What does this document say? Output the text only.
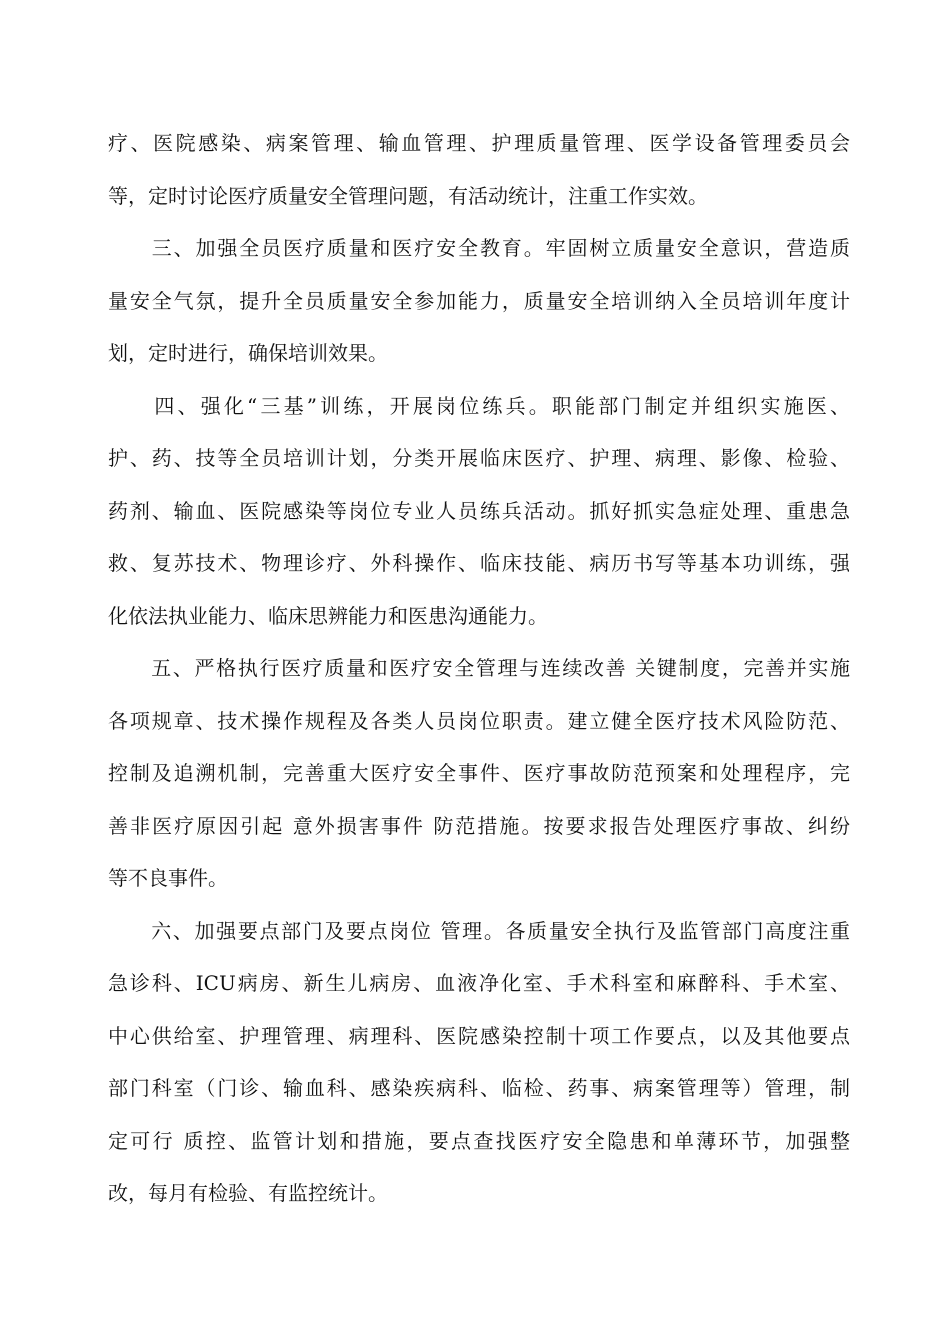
疗、医院感染、病案管理、输血管理、护理质量管理、医学设备管理委员会
等，定时讨论医疗质量安全管理问题，有活动统计，注重工作实效。
　　三、加强全员医疗质量和医疗安全教育。牢固树立质量安全意识，营造质
量安全气氛，提升全员质量安全参加能力，质量安全培训纳入全员培训年度计
划，定时进行，确保培训效果。
　　四、强化“三基”训练，开展岗位练兵。职能部门制定并组织实施医、
护、药、技等全员培训计划，分类开展临床医疗、护理、病理、影像、检验、
药剂、输血、医院感染等岗位专业人员练兵活动。抓好抓实急症处理、重患急
救、复苏技术、物理诊疗、外科操作、临床技能、病历书写等基本功训练，强
化依法执业能力、临床思辨能力和医患沟通能力。
　　五、严格执行医疗质量和医疗安全管理与连续改善 关键制度，完善并实施
各项规章、技术操作规程及各类人员岗位职责。建立健全医疗技术风险防范、
控制及追溯机制，完善重大医疗安全事件、医疗事故防范预案和处理程序，完
善非医疗原因引起 意外损害事件 防范措施。按要求报告处理医疗事故、纠纷
等不良事件。
　　六、加强要点部门及要点岗位 管理。各质量安全执行及监管部门高度注重
急诊科、ICU病房、新生儿病房、血液净化室、手术科室和麻醉科、手术室、
中心供给室、护理管理、病理科、医院感染控制十项工作要点，以及其他要点
部门科室（门诊、输血科、感染疾病科、临检、药事、病案管理等）管理，制
定可行 质控、监管计划和措施，要点查找医疗安全隐患和单薄环节，加强整
改，每月有检验、有监控统计。
